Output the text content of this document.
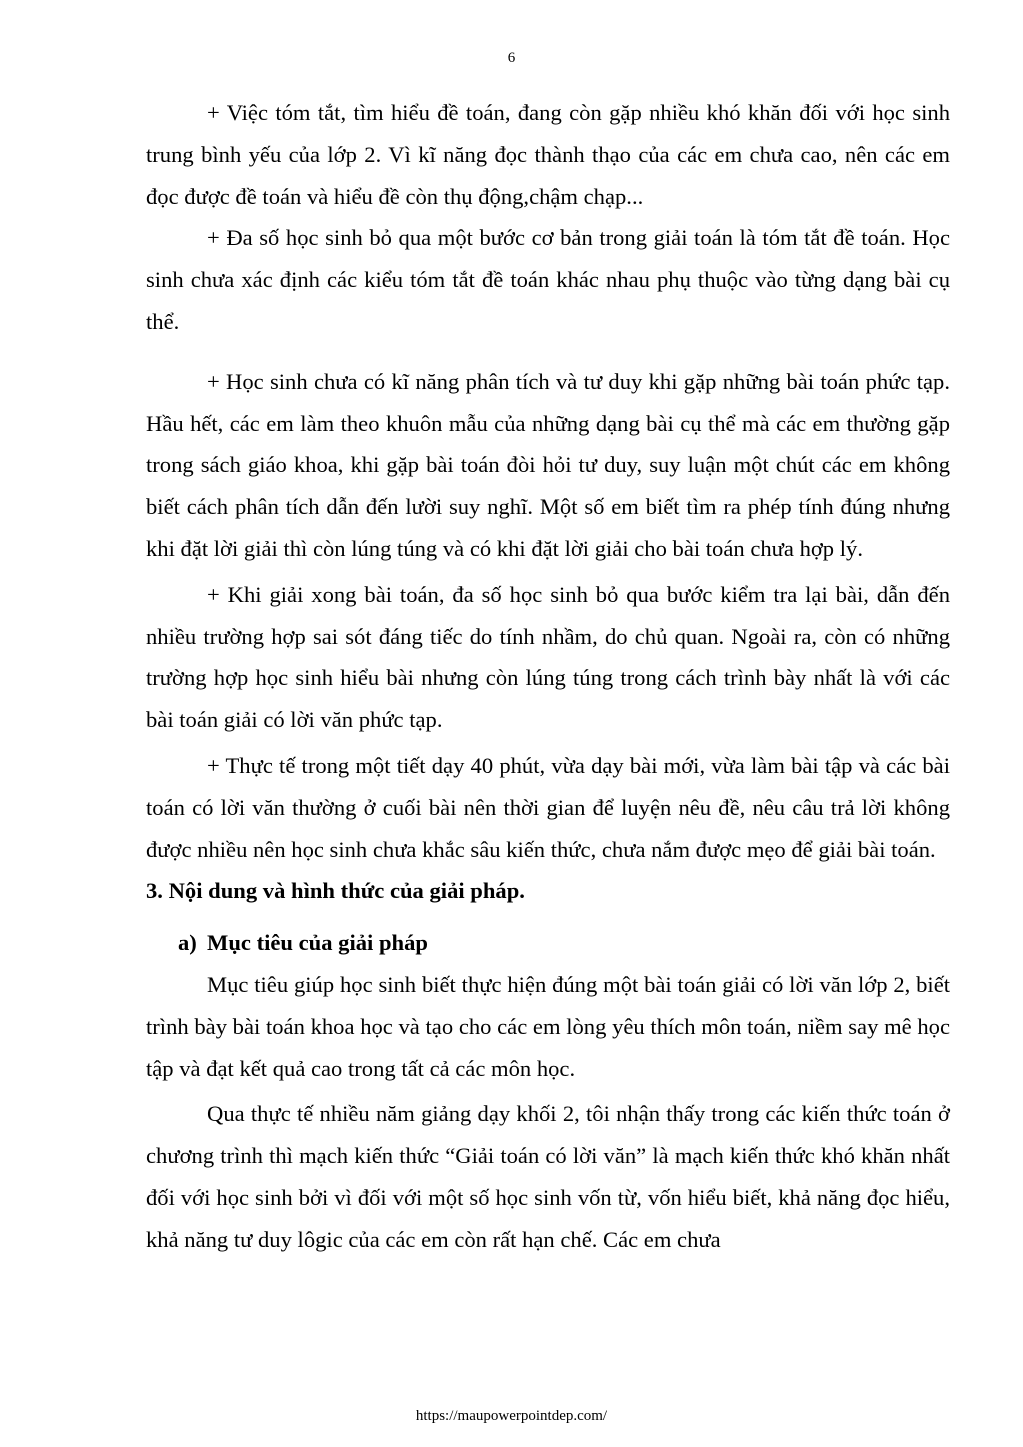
6

+ Việc tóm tắt, tìm hiểu đề toán, đang còn gặp nhiều khó khăn đối với học sinh trung bình yếu của lớp 2. Vì kĩ năng đọc thành thạo của các em chưa cao, nên các em đọc được đề toán và hiểu đề còn thụ động,chậm chạp...

+ Đa số học sinh bỏ qua một bước cơ bản trong giải toán là tóm tắt đề toán. Học sinh chưa xác định các kiểu tóm tắt đề toán khác nhau phụ thuộc vào từng dạng bài cụ thể.

+ Học sinh chưa có kĩ năng phân tích và tư duy khi gặp những bài toán phức tạp. Hầu hết, các em làm theo khuôn mẫu của những dạng bài cụ thể mà các em thường gặp trong sách giáo khoa, khi gặp bài toán đòi hỏi tư duy, suy luận một chút các em không biết cách phân tích dẫn đến lười suy nghĩ. Một số em biết tìm ra phép tính đúng nhưng khi đặt lời giải thì còn lúng túng và có khi đặt lời giải cho bài toán chưa hợp lý.

+ Khi giải xong bài toán, đa số học sinh bỏ qua bước kiểm tra lại bài, dẫn đến nhiều trường hợp sai sót đáng tiếc do tính nhầm, do chủ quan. Ngoài ra, còn có những trường hợp học sinh hiểu bài nhưng còn lúng túng trong cách trình bày nhất là với các bài toán giải có lời văn phức tạp.

+ Thực tế trong một tiết dạy 40 phút, vừa dạy bài mới, vừa làm bài tập và các bài toán có lời văn thường ở cuối bài nên thời gian để luyện nêu đề, nêu câu trả lời không được nhiều nên học sinh chưa khắc sâu kiến thức, chưa nắm được mẹo để giải bài toán.

3. Nội dung và hình thức của giải pháp.

a) Mục tiêu của giải pháp

Mục tiêu giúp học sinh biết thực hiện đúng một bài toán giải có lời văn lớp 2, biết trình bày bài toán khoa học và tạo cho các em lòng yêu thích môn toán, niềm say mê học tập và đạt kết quả cao trong tất cả các môn học.

Qua thực tế nhiều năm giảng dạy khối 2, tôi nhận thấy trong các kiến thức toán ở chương trình thì mạch kiến thức “Giải toán có lời văn” là mạch kiến thức khó khăn nhất đối với học sinh bởi vì đối với một số học sinh vốn từ, vốn hiểu biết, khả năng đọc hiểu, khả năng tư duy lôgic của các em còn rất hạn chế. Các em chưa

https://maupowerpointdep.com/
